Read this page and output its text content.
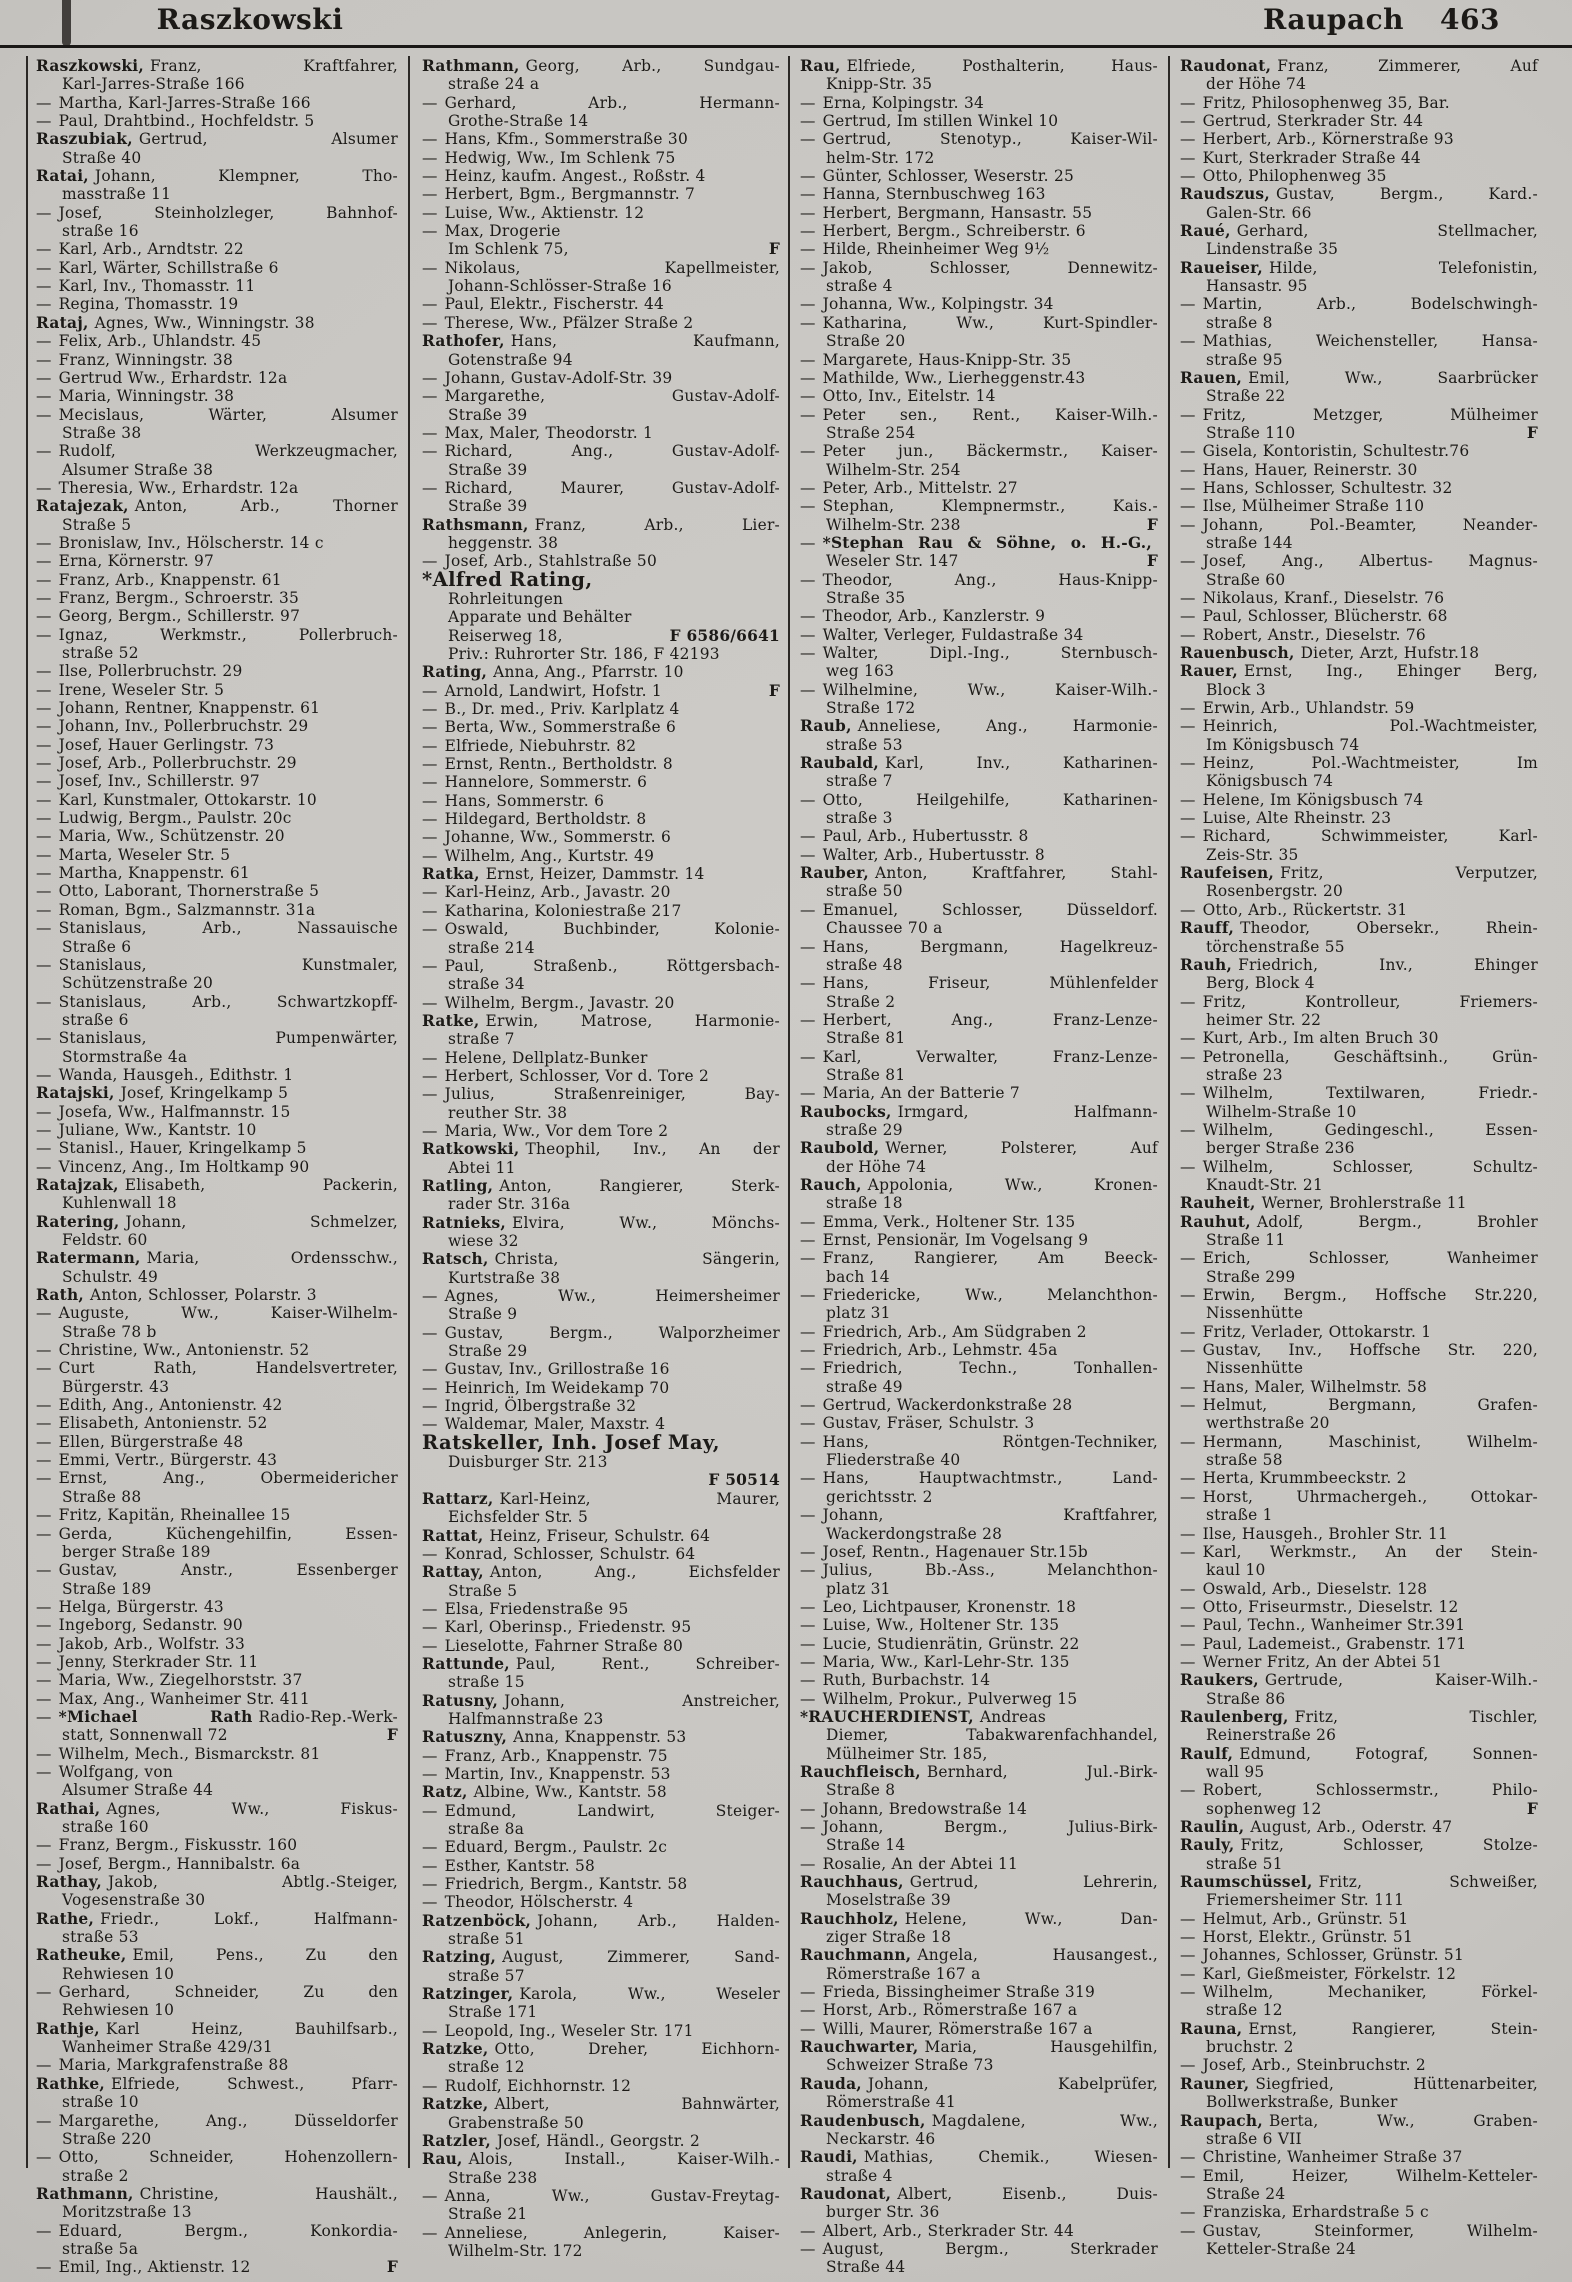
Raszkowski	Raupach 463
Raszkowski, Franz, Kraftfahrer,
Karl-Jarres-Straße 166
— Martha, Karl-Jarres-Straße 166
— Paul, Drahtbind., Hochfeldstr. 5
Raszubiak, Gertrud, Alsumer
Straße 40
Ratai, Johann, Klempner, Tho-
masstraße 11
— Josef, Steinholzleger, Bahnhof-
straße 16
— Karl, Arb., Arndtstr. 22
— Karl, Wärter, Schillstraße 6
— Karl, Inv., Thomasstr. 11
— Regina, Thomasstr. 19
Rataj, Agnes, Ww., Winningstr. 38
— Felix, Arb., Uhlandstr. 45
— Franz, Winningstr. 38
— Gertrud Ww., Erhardstr. 12a
— Maria, Winningstr. 38
— Mecislaus, Wärter, Alsumer
Straße 38
— Rudolf, Werkzeugmacher,
Alsumer Straße 38
— Theresia, Ww., Erhardstr. 12a
Ratajezak, Anton, Arb., Thorner
Straße 5
— Bronislaw, Inv., Hölscherstr. 14 c
— Erna, Körnerstr. 97
— Franz, Arb., Knappenstr. 61
— Franz, Bergm., Schroerstr. 35
— Georg, Bergm., Schillerstr. 97
— Ignaz, Werkmstr., Pollerbruch-
straße 52
— Ilse, Pollerbruchstr. 29
— Irene, Weseler Str. 5
— Johann, Rentner, Knappenstr. 61
— Johann, Inv., Pollerbruchstr. 29
— Josef, Hauer Gerlingstr. 73
— Josef, Arb., Pollerbruchstr. 29
— Josef, Inv., Schillerstr. 97
— Karl, Kunstmaler, Ottokarstr. 10
— Ludwig, Bergm., Paulstr. 20c
— Maria, Ww., Schützenstr. 20
— Marta, Weseler Str. 5
— Martha, Knappenstr. 61
— Otto, Laborant, Thornerstraße 5
— Roman, Bgm., Salzmannstr. 31a
— Stanislaus, Arb., Nassauische
Straße 6
— Stanislaus, Kunstmaler,
Schützenstraße 20
— Stanislaus, Arb., Schwartzkopff-
straße 6
— Stanislaus, Pumpenwärter,
Stormstraße 4a
— Wanda, Hausgeh., Edithstr. 1
Ratajski, Josef, Kringelkamp 5
— Josefa, Ww., Halfmannstr. 15
— Juliane, Ww., Kantstr. 10
— Stanisl., Hauer, Kringelkamp 5
— Vincenz, Ang., Im Holtkamp 90
Ratajzak, Elisabeth, Packerin,
Kuhlenwall 18
Ratering, Johann, Schmelzer,
Feldstr. 60
Ratermann, Maria, Ordensschw.,
Schulstr. 49
Rath, Anton, Schlosser, Polarstr. 3
— Auguste, Ww., Kaiser-Wilhelm-
Straße 78 b
— Christine, Ww., Antonienstr. 52
— Curt Rath, Handelsvertreter,
Bürgerstr. 43
— Edith, Ang., Antonienstr. 42
— Elisabeth, Antonienstr. 52
— Ellen, Bürgerstraße 48
— Emmi, Vertr., Bürgerstr. 43
— Ernst, Ang., Obermeidericher
Straße 88
— Fritz, Kapitän, Rheinallee 15
— Gerda, Küchengehilfin, Essen-
berger Straße 189
— Gustav, Anstr., Essenberger
Straße 189
— Helga, Bürgerstr. 43
— Ingeborg, Sedanstr. 90
— Jakob, Arb., Wolfstr. 33
— Jenny, Sterkrader Str. 11
— Maria, Ww., Ziegelhorststr. 37
— Max, Ang., Wanheimer Str. 411
— *Michael Rath Radio-Rep.-Werk-
statt, Sonnenwall 72	F
— Wilhelm, Mech., Bismarckstr. 81
— Wolfgang, von
Alsumer Straße 44
Rathai, Agnes, Ww., Fiskus-
straße 160
— Franz, Bergm., Fiskusstr. 160
— Josef, Bergm., Hannibalstr. 6a
Rathay, Jakob, Abtlg.-Steiger,
Vogesenstraße 30
Rathe, Friedr., Lokf., Halfmann-
straße 53
Ratheuke, Emil, Pens., Zu den
Rehwiesen 10
— Gerhard, Schneider, Zu den
Rehwiesen 10
Rathje, Karl Heinz, Bauhilfsarb.,
Wanheimer Straße 429/31
— Maria, Markgrafenstraße 88
Rathke, Elfriede, Schwest., Pfarr-
straße 10
— Margarethe, Ang., Düsseldorfer
Straße 220
— Otto, Schneider, Hohenzollern-
straße 2
Rathmann, Christine, Haushält.,
Moritzstraße 13
— Eduard, Bergm., Konkordia-
straße 5a
— Emil, Ing., Aktienstr. 12	F
Rathmann, Georg, Arb., Sundgau-
straße 24 a
— Gerhard, Arb., Hermann-
Grothe-Straße 14
— Hans, Kfm., Sommerstraße 30
— Hedwig, Ww., Im Schlenk 75
— Heinz, kaufm. Angest., Roßstr. 4
— Herbert, Bgm., Bergmannstr. 7
— Luise, Ww., Aktienstr. 12
— Max, Drogerie
Im Schlenk 75,	F
— Nikolaus, Kapellmeister,
Johann-Schlösser-Straße 16
— Paul, Elektr., Fischerstr. 44
— Therese, Ww., Pfälzer Straße 2
Rathofer, Hans, Kaufmann,
Gotenstraße 94
— Johann, Gustav-Adolf-Str. 39
— Margarethe, Gustav-Adolf-
Straße 39
— Max, Maler, Theodorstr. 1
— Richard, Ang., Gustav-Adolf-
Straße 39
— Richard, Maurer, Gustav-Adolf-
Straße 39
Rathsmann, Franz, Arb., Lier-
heggenstr. 38
— Josef, Arb., Stahlstraße 50
*Alfred Rating,
Rohrleitungen
Apparate und Behälter
Reiserweg 18,	F 6586/6641
Priv.: Ruhrorter Str. 186, F 42193
Rating, Anna, Ang., Pfarrstr. 10
— Arnold, Landwirt, Hofstr. 1	F
— B., Dr. med., Priv. Karlplatz 4
— Berta, Ww., Sommerstraße 6
— Elfriede, Niebuhrstr. 82
— Ernst, Rentn., Bertholdstr. 8
— Hannelore, Sommerstr. 6
— Hans, Sommerstr. 6
— Hildegard, Bertholdstr. 8
— Johanne, Ww., Sommerstr. 6
— Wilhelm, Ang., Kurtstr. 49
Ratka, Ernst, Heizer, Dammstr. 14
— Karl-Heinz, Arb., Javastr. 20
— Katharina, Koloniestraße 217
— Oswald, Buchbinder, Kolonie-
straße 214
— Paul, Straßenb., Röttgersbach-
straße 34
— Wilhelm, Bergm., Javastr. 20
Ratke, Erwin, Matrose, Harmonie-
straße 7
— Helene, Dellplatz-Bunker
— Herbert, Schlosser, Vor d. Tore 2
— Julius, Straßenreiniger, Bay-
reuther Str. 38
— Maria, Ww., Vor dem Tore 2
Ratkowski, Theophil, Inv., An der
Abtei 11
Ratling, Anton, Rangierer, Sterk-
rader Str. 316a
Ratnieks, Elvira, Ww., Mönchs-
wiese 32
Ratsch, Christa, Sängerin,
Kurtstraße 38
— Agnes, Ww., Heimersheimer
Straße 9
— Gustav, Bergm., Walporzheimer
Straße 29
— Gustav, Inv., Grillostraße 16
— Heinrich, Im Weidekamp 70
— Ingrid, Ölbergstraße 32
— Waldemar, Maler, Maxstr. 4
Ratskeller, Inh. Josef May,
Duisburger Str. 213
F 50514
Rattarz, Karl-Heinz, Maurer,
Eichsfelder Str. 5
Rattat, Heinz, Friseur, Schulstr. 64
— Konrad, Schlosser, Schulstr. 64
Rattay, Anton, Ang., Eichsfelder
Straße 5
— Elsa, Friedenstraße 95
— Karl, Oberinsp., Friedenstr. 95
— Lieselotte, Fahrner Straße 80
Rattunde, Paul, Rent., Schreiber-
straße 15
Ratusny, Johann, Anstreicher,
Halfmannstraße 23
Ratuszny, Anna, Knappenstr. 53
— Franz, Arb., Knappenstr. 75
— Martin, Inv., Knappenstr. 53
Ratz, Albine, Ww., Kantstr. 58
— Edmund, Landwirt, Steiger-
straße 8a
— Eduard, Bergm., Paulstr. 2c
— Esther, Kantstr. 58
— Friedrich, Bergm., Kantstr. 58
— Theodor, Hölscherstr. 4
Ratzenböck, Johann, Arb., Halden-
straße 51
Ratzing, August, Zimmerer, Sand-
straße 57
Ratzinger, Karola, Ww., Weseler
Straße 171
— Leopold, Ing., Weseler Str. 171
Ratzke, Otto, Dreher, Eichhorn-
straße 12
— Rudolf, Eichhornstr. 12
Ratzke, Albert, Bahnwärter,
Grabenstraße 50
Ratzler, Josef, Händl., Georgstr. 2
Rau, Alois, Install., Kaiser-Wilh.-
Straße 238
— Anna, Ww., Gustav-Freytag-
Straße 21
— Anneliese, Anlegerin, Kaiser-
Wilhelm-Str. 172
Rau, Elfriede, Posthalterin, Haus-
Knipp-Str. 35
— Erna, Kolpingstr. 34
— Gertrud, Im stillen Winkel 10
— Gertrud, Stenotyp., Kaiser-Wil-
helm-Str. 172
— Günter, Schlosser, Weserstr. 25
— Hanna, Sternbuschweg 163
— Herbert, Bergmann, Hansastr. 55
— Herbert, Bergm., Schreiberstr. 6
— Hilde, Rheinheimer Weg 9½
— Jakob, Schlosser, Dennewitz-
straße 4
— Johanna, Ww., Kolpingstr. 34
— Katharina, Ww., Kurt-Spindler-
Straße 20
— Margarete, Haus-Knipp-Str. 35
— Mathilde, Ww., Lierheggenstr.43
— Otto, Inv., Eitelstr. 14
— Peter sen., Rent., Kaiser-Wilh.-
Straße 254
— Peter jun., Bäckermstr., Kaiser-
Wilhelm-Str. 254
— Peter, Arb., Mittelstr. 27
— Stephan, Klempnermstr., Kais.-
Wilhelm-Str. 238	F
— *Stephan Rau & Söhne, o. H.-G.,
Weseler Str. 147	F
— Theodor, Ang., Haus-Knipp-
Straße 35
— Theodor, Arb., Kanzlerstr. 9
— Walter, Verleger, Fuldastraße 34
— Walter, Dipl.-Ing., Sternbusch-
weg 163
— Wilhelmine, Ww., Kaiser-Wilh.-
Straße 172
Raub, Anneliese, Ang., Harmonie-
straße 53
Raubald, Karl, Inv., Katharinen-
straße 7
— Otto, Heilgehilfe, Katharinen-
straße 3
— Paul, Arb., Hubertusstr. 8
— Walter, Arb., Hubertusstr. 8
Rauber, Anton, Kraftfahrer, Stahl-
straße 50
— Emanuel, Schlosser, Düsseldorf.
Chaussee 70 a
— Hans, Bergmann, Hagelkreuz-
straße 48
— Hans, Friseur, Mühlenfelder
Straße 2
— Herbert, Ang., Franz-Lenze-
Straße 81
— Karl, Verwalter, Franz-Lenze-
Straße 81
— Maria, An der Batterie 7
Raubocks, Irmgard, Halfmann-
straße 29
Raubold, Werner, Polsterer, Auf
der Höhe 74
Rauch, Appolonia, Ww., Kronen-
straße 18
— Emma, Verk., Holtener Str. 135
— Ernst, Pensionär, Im Vogelsang 9
— Franz, Rangierer, Am Beeck-
bach 14
— Friedericke, Ww., Melanchthon-
platz 31
— Friedrich, Arb., Am Südgraben 2
— Friedrich, Arb., Lehmstr. 45a
— Friedrich, Techn., Tonhallen-
straße 49
— Gertrud, Wackerdonkstraße 28
— Gustav, Fräser, Schulstr. 3
— Hans, Röntgen-Techniker,
Fliederstraße 40
— Hans, Hauptwachtmstr., Land-
gerichtsstr. 2
— Johann, Kraftfahrer,
Wackerdongstraße 28
— Josef, Rentn., Hagenauer Str.15b
— Julius, Bb.-Ass., Melanchthon-
platz 31
— Leo, Lichtpauser, Kronenstr. 18
— Luise, Ww., Holtener Str. 135
— Lucie, Studienrätin, Grünstr. 22
— Maria, Ww., Karl-Lehr-Str. 135
— Ruth, Burbachstr. 14
— Wilhelm, Prokur., Pulverweg 15
*RAUCHERDIENST, Andreas
Diemer, Tabakwarenfachhandel,
Mülheimer Str. 185,
Rauchfleisch, Bernhard, Jul.-Birk-
Straße 8
— Johann, Bredowstraße 14
— Johann, Bergm., Julius-Birk-
Straße 14
— Rosalie, An der Abtei 11
Rauchhaus, Gertrud, Lehrerin,
Moselstraße 39
Rauchholz, Helene, Ww., Dan-
ziger Straße 18
Rauchmann, Angela, Hausangest.,
Römerstraße 167 a
— Frieda, Bissingheimer Straße 319
— Horst, Arb., Römerstraße 167 a
— Willi, Maurer, Römerstraße 167 a
Rauchwarter, Maria, Hausgehilfin,
Schweizer Straße 73
Rauda, Johann, Kabelprüfer,
Römerstraße 41
Raudenbusch, Magdalene, Ww.,
Neckarstr. 46
Raudi, Mathias, Chemik., Wiesen-
straße 4
Raudonat, Albert, Eisenb., Duis-
burger Str. 36
— Albert, Arb., Sterkrader Str. 44
— August, Bergm., Sterkrader
Straße 44
Raudonat, Franz, Zimmerer, Auf
der Höhe 74
— Fritz, Philosophenweg 35, Bar.
— Gertrud, Sterkrader Str. 44
— Herbert, Arb., Körnerstraße 93
— Kurt, Sterkrader Straße 44
— Otto, Philophenweg 35
Raudszus, Gustav, Bergm., Kard.-
Galen-Str. 66
Raué, Gerhard, Stellmacher,
Lindenstraße 35
Raueiser, Hilde, Telefonistin,
Hansastr. 95
— Martin, Arb., Bodelschwingh-
straße 8
— Mathias, Weichensteller, Hansa-
straße 95
Rauen, Emil, Ww., Saarbrücker
Straße 22
— Fritz, Metzger, Mülheimer
Straße 110	F
— Gisela, Kontoristin, Schultestr.76
— Hans, Hauer, Reinerstr. 30
— Hans, Schlosser, Schultestr. 32
— Ilse, Mülheimer Straße 110
— Johann, Pol.-Beamter, Neander-
straße 144
— Josef, Ang., Albertus- Magnus-
Straße 60
— Nikolaus, Kranf., Dieselstr. 76
— Paul, Schlosser, Blücherstr. 68
— Robert, Anstr., Dieselstr. 76
Rauenbusch, Dieter, Arzt, Hufstr.18
Rauer, Ernst, Ing., Ehinger Berg,
Block 3
— Erwin, Arb., Uhlandstr. 59
— Heinrich, Pol.-Wachtmeister,
Im Königsbusch 74
— Heinz, Pol.-Wachtmeister, Im
Königsbusch 74
— Helene, Im Königsbusch 74
— Luise, Alte Rheinstr. 23
— Richard, Schwimmeister, Karl-
Zeis-Str. 35
Raufeisen, Fritz, Verputzer,
Rosenbergstr. 20
— Otto, Arb., Rückertstr. 31
Rauff, Theodor, Obersekr., Rhein-
törchenstraße 55
Rauh, Friedrich, Inv., Ehinger
Berg, Block 4
— Fritz, Kontrolleur, Friemers-
heimer Str. 22
— Kurt, Arb., Im alten Bruch 30
— Petronella, Geschäftsinh., Grün-
straße 23
— Wilhelm, Textilwaren, Friedr.-
Wilhelm-Straße 10
— Wilhelm, Gedingeschl., Essen-
berger Straße 236
— Wilhelm, Schlosser, Schultz-
Knaudt-Str. 21
Rauheit, Werner, Brohlerstraße 11
Rauhut, Adolf, Bergm., Brohler
Straße 11
— Erich, Schlosser, Wanheimer
Straße 299
— Erwin, Bergm., Hoffsche Str.220,
Nissenhütte
— Fritz, Verlader, Ottokarstr. 1
— Gustav, Inv., Hoffsche Str. 220,
Nissenhütte
— Hans, Maler, Wilhelmstr. 58
— Helmut, Bergmann, Grafen-
werthstraße 20
— Hermann, Maschinist, Wilhelm-
straße 58
— Herta, Krummbeeckstr. 2
— Horst, Uhrmachergeh., Ottokar-
straße 1
— Ilse, Hausgeh., Brohler Str. 11
— Karl, Werkmstr., An der Stein-
kaul 10
— Oswald, Arb., Dieselstr. 128
— Otto, Friseurmstr., Dieselstr. 12
— Paul, Techn., Wanheimer Str.391
— Paul, Lademeist., Grabenstr. 171
— Werner Fritz, An der Abtei 51
Raukers, Gertrude, Kaiser-Wilh.-
Straße 86
Raulenberg, Fritz, Tischler,
Reinerstraße 26
Raulf, Edmund, Fotograf, Sonnen-
wall 95
— Robert, Schlossermstr., Philo-
sophenweg 12	F
Raulin, August, Arb., Oderstr. 47
Rauly, Fritz, Schlosser, Stolze-
straße 51
Raumschüssel, Fritz, Schweißer,
Friemersheimer Str. 111
— Helmut, Arb., Grünstr. 51
— Horst, Elektr., Grünstr. 51
— Johannes, Schlosser, Grünstr. 51
— Karl, Gießmeister, Förkelstr. 12
— Wilhelm, Mechaniker, Förkel-
straße 12
Rauna, Ernst, Rangierer, Stein-
bruchstr. 2
— Josef, Arb., Steinbruchstr. 2
Rauner, Siegfried, Hüttenarbeiter,
Bollwerkstraße, Bunker
Raupach, Berta, Ww., Graben-
straße 6 VII
— Christine, Wanheimer Straße 37
— Emil, Heizer, Wilhelm-Ketteler-
Straße 24
— Franziska, Erhardstraße 5 c
— Gustav, Steinformer, Wilhelm-
Ketteler-Straße 24
